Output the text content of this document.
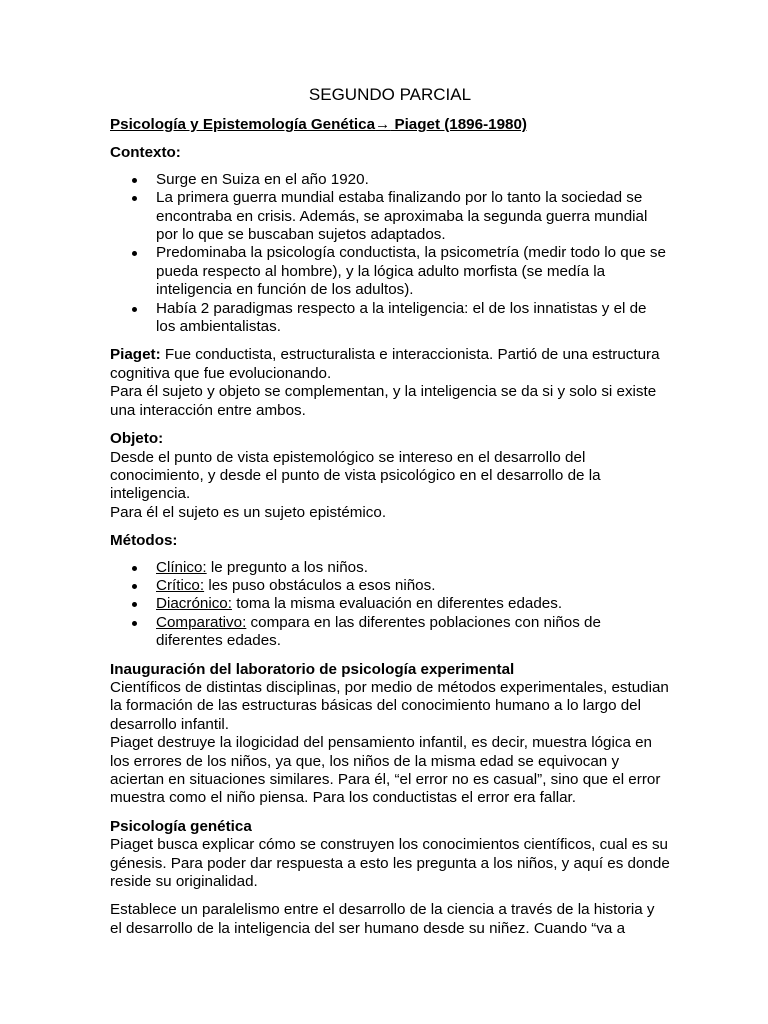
SEGUNDO PARCIAL
Psicología y Epistemología Genética→ Piaget (1896-1980)

Contexto:

Surge en Suiza en el año 1920.
La primera guerra mundial estaba finalizando por lo tanto la sociedad se encontraba en crisis. Además, se aproximaba la segunda guerra mundial por lo que se buscaban sujetos adaptados.
Predominaba la psicología conductista, la psicometría (medir todo lo que se pueda respecto al hombre), y la lógica adulto morfista (se medía la inteligencia en función de los adultos).
Había 2 paradigmas respecto a la inteligencia: el de los innatistas y el de los ambientalistas.

Piaget: Fue conductista, estructuralista e interaccionista. Partió de una estructura cognitiva que fue evolucionando.

Para él sujeto y objeto se complementan, y la inteligencia se da si y solo si existe una interacción entre ambos.

Objeto:

Desde el punto de vista epistemológico se intereso en el desarrollo del conocimiento, y desde el punto de vista psicológico en el desarrollo de la inteligencia.

Para él el sujeto es un sujeto epistémico.

Métodos:

Clínico: le pregunto a los niños.
Crítico: les puso obstáculos a esos niños.
Diacrónico: toma la misma evaluación en diferentes edades.
Comparativo: compara en las diferentes poblaciones con niños de diferentes edades.

Inauguración del laboratorio de psicología experimental

Científicos de distintas disciplinas, por medio de métodos experimentales, estudian la formación de las estructuras básicas del conocimiento humano a lo largo del desarrollo infantil.

Piaget destruye la ilogicidad del pensamiento infantil, es decir, muestra lógica en los errores de los niños, ya que, los niños de la misma edad se equivocan y aciertan en situaciones similares. Para él, “el error no es casual”, sino que el error muestra como el niño piensa. Para los conductistas el error era fallar.

Psicología genética

Piaget busca explicar cómo se construyen los conocimientos científicos, cual es su génesis. Para poder dar respuesta a esto les pregunta a los niños, y aquí es donde reside su originalidad.

Establece un paralelismo entre el desarrollo de la ciencia a través de la historia y el desarrollo de la inteligencia del ser humano desde su niñez. Cuando “va a
